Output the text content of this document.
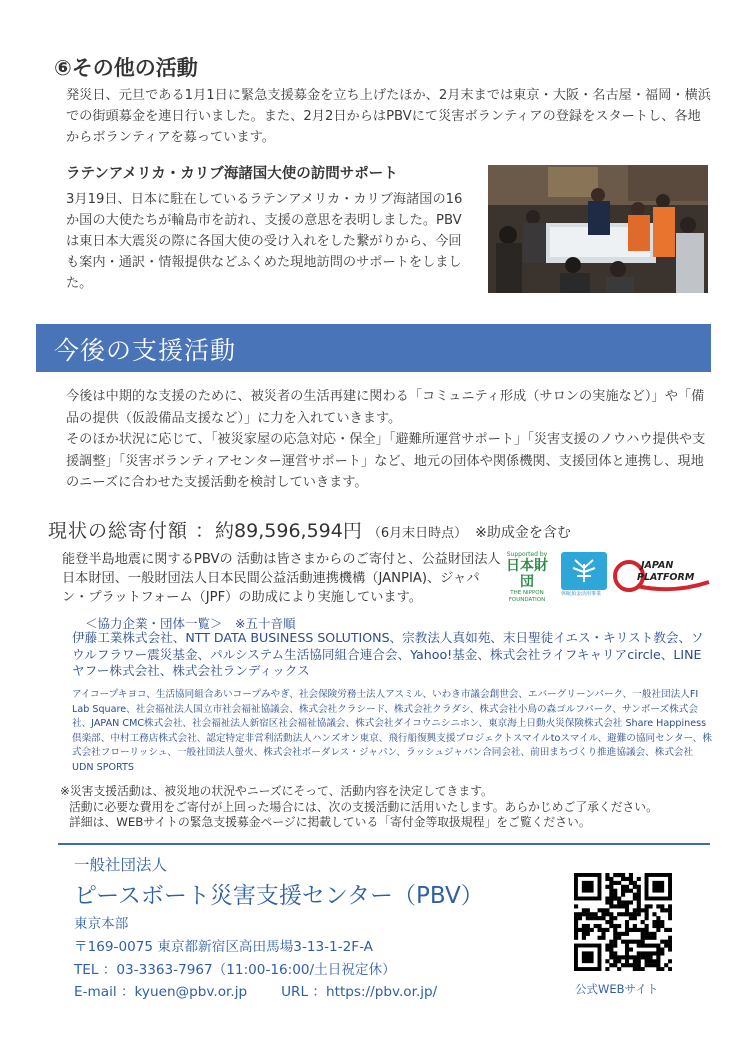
⑥その他の活動
発災日、元旦である1月1日に緊急支援募金を立ち上げたほか、2月末までは東京・大阪・名古屋・福岡・横浜での街頭募金を連日行いました。また、2月2日からはPBVにて災害ボランティアの登録をスタートし、各地からボランティアを募っています。
ラテンアメリカ・カリブ海諸国大使の訪問サポート
3月19日、日本に駐在しているラテンアメリカ・カリブ海諸国の16か国の大使たちが輪島市を訪れ、支援の意思を表明しました。PBVは東日本大震災の際に各国大使の受け入れをした繋がりから、今回も案内・通訳・情報提供などふくめた現地訪問のサポートをしました。
今後の支援活動

今後は中期的な支援のために、被災者の生活再建に関わる「コミュニティ形成（サロンの実施など）」や「備品の提供（仮設備品支援など）」に力を入れていきます。

そのほか状況に応じて、「被災家屋の応急対応・保全」「避難所運営サポート」「災害支援のノウハウ提供や支援調整」「災害ボランティアセンター運営サポート」など、地元の団体や関係機関、支援団体と連携し、現地のニーズに合わせた支援活動を検討していきます。

現状の総寄付額 ：約89,596,594円 （6月末日時点） ※助成金を含む
能登半島地震に関するPBVの 活動は皆さまからのご寄付と、公益財団法人日本財団、一般財団法人日本民間公益活動連携機構（JANPIA)、ジャパン・プラットフォーム（JPF）の助成により実施しています。
Supported by
日本財団
THE NIPPON
FOUNDATION
休眠預金活用事業
JAPAN
PLATFORM
＜協力企業・団体一覧＞　※五十音順
伊藤工業株式会社、NTT DATA BUSINESS SOLUTIONS、宗教法人真如苑、末日聖徒イエス・キリスト教会、ソウルフラワー震災基金、パルシステム生活協同組合連合会、Yahoo!基金、株式会社ライフキャリアcircle、LINEヤフー株式会社、株式会社ランディックス
アイコープキヨコ、生活協同組合あいコープみやぎ、社会保険労務士法人アスミル、いわき市議会創世会、エバーグリーンパーク、一般社団法人FI Lab Square、社会福祉法人国立市社会福祉協議会、株式会社クラシード、株式会社クラダシ、株式会社小鳥の森ゴルフパーク、サンボーズ株式会社、JAPAN CMC株式会社、社会福祉法人新宿区社会福祉協議会、株式会社ダイコウニシニホン、東京海上日動火災保険株式会社 Share Happiness 倶楽部、中村工務店株式会社、認定特定非営利活動法人ハンズオン東京、飛行船復興支援プロジェクトスマイルtoスマイル、避難の協同センター、株式会社フローリッシュ、一般社団法人螢火、株式会社ボーダレス・ジャパン、ラッシュジャパン合同会社、前田まちづくり推進協議会、株式会社UDN SPORTS
※災害支援活動は、被災地の状況やニーズにそって、活動内容を決定してきます。
活動に必要な費用をご寄付が上回った場合には、次の支援活動に活用いたします。あらかじめご了承ください。
詳細は、WEBサイトの緊急支援募金ページに掲載している「寄付金等取扱規程」をご覧ください。
一般社団法人
ピースボート災害支援センター（PBV）
東京本部
〒169-0075 東京都新宿区高田馬場3-13-1-2F-A
TEL ：03-3363-7967（11:00-16:00/土日祝定休）
E-mail ：kyuen@pbv.or.jp	URL ：https://pbv.or.jp/	公式WEBサイト
